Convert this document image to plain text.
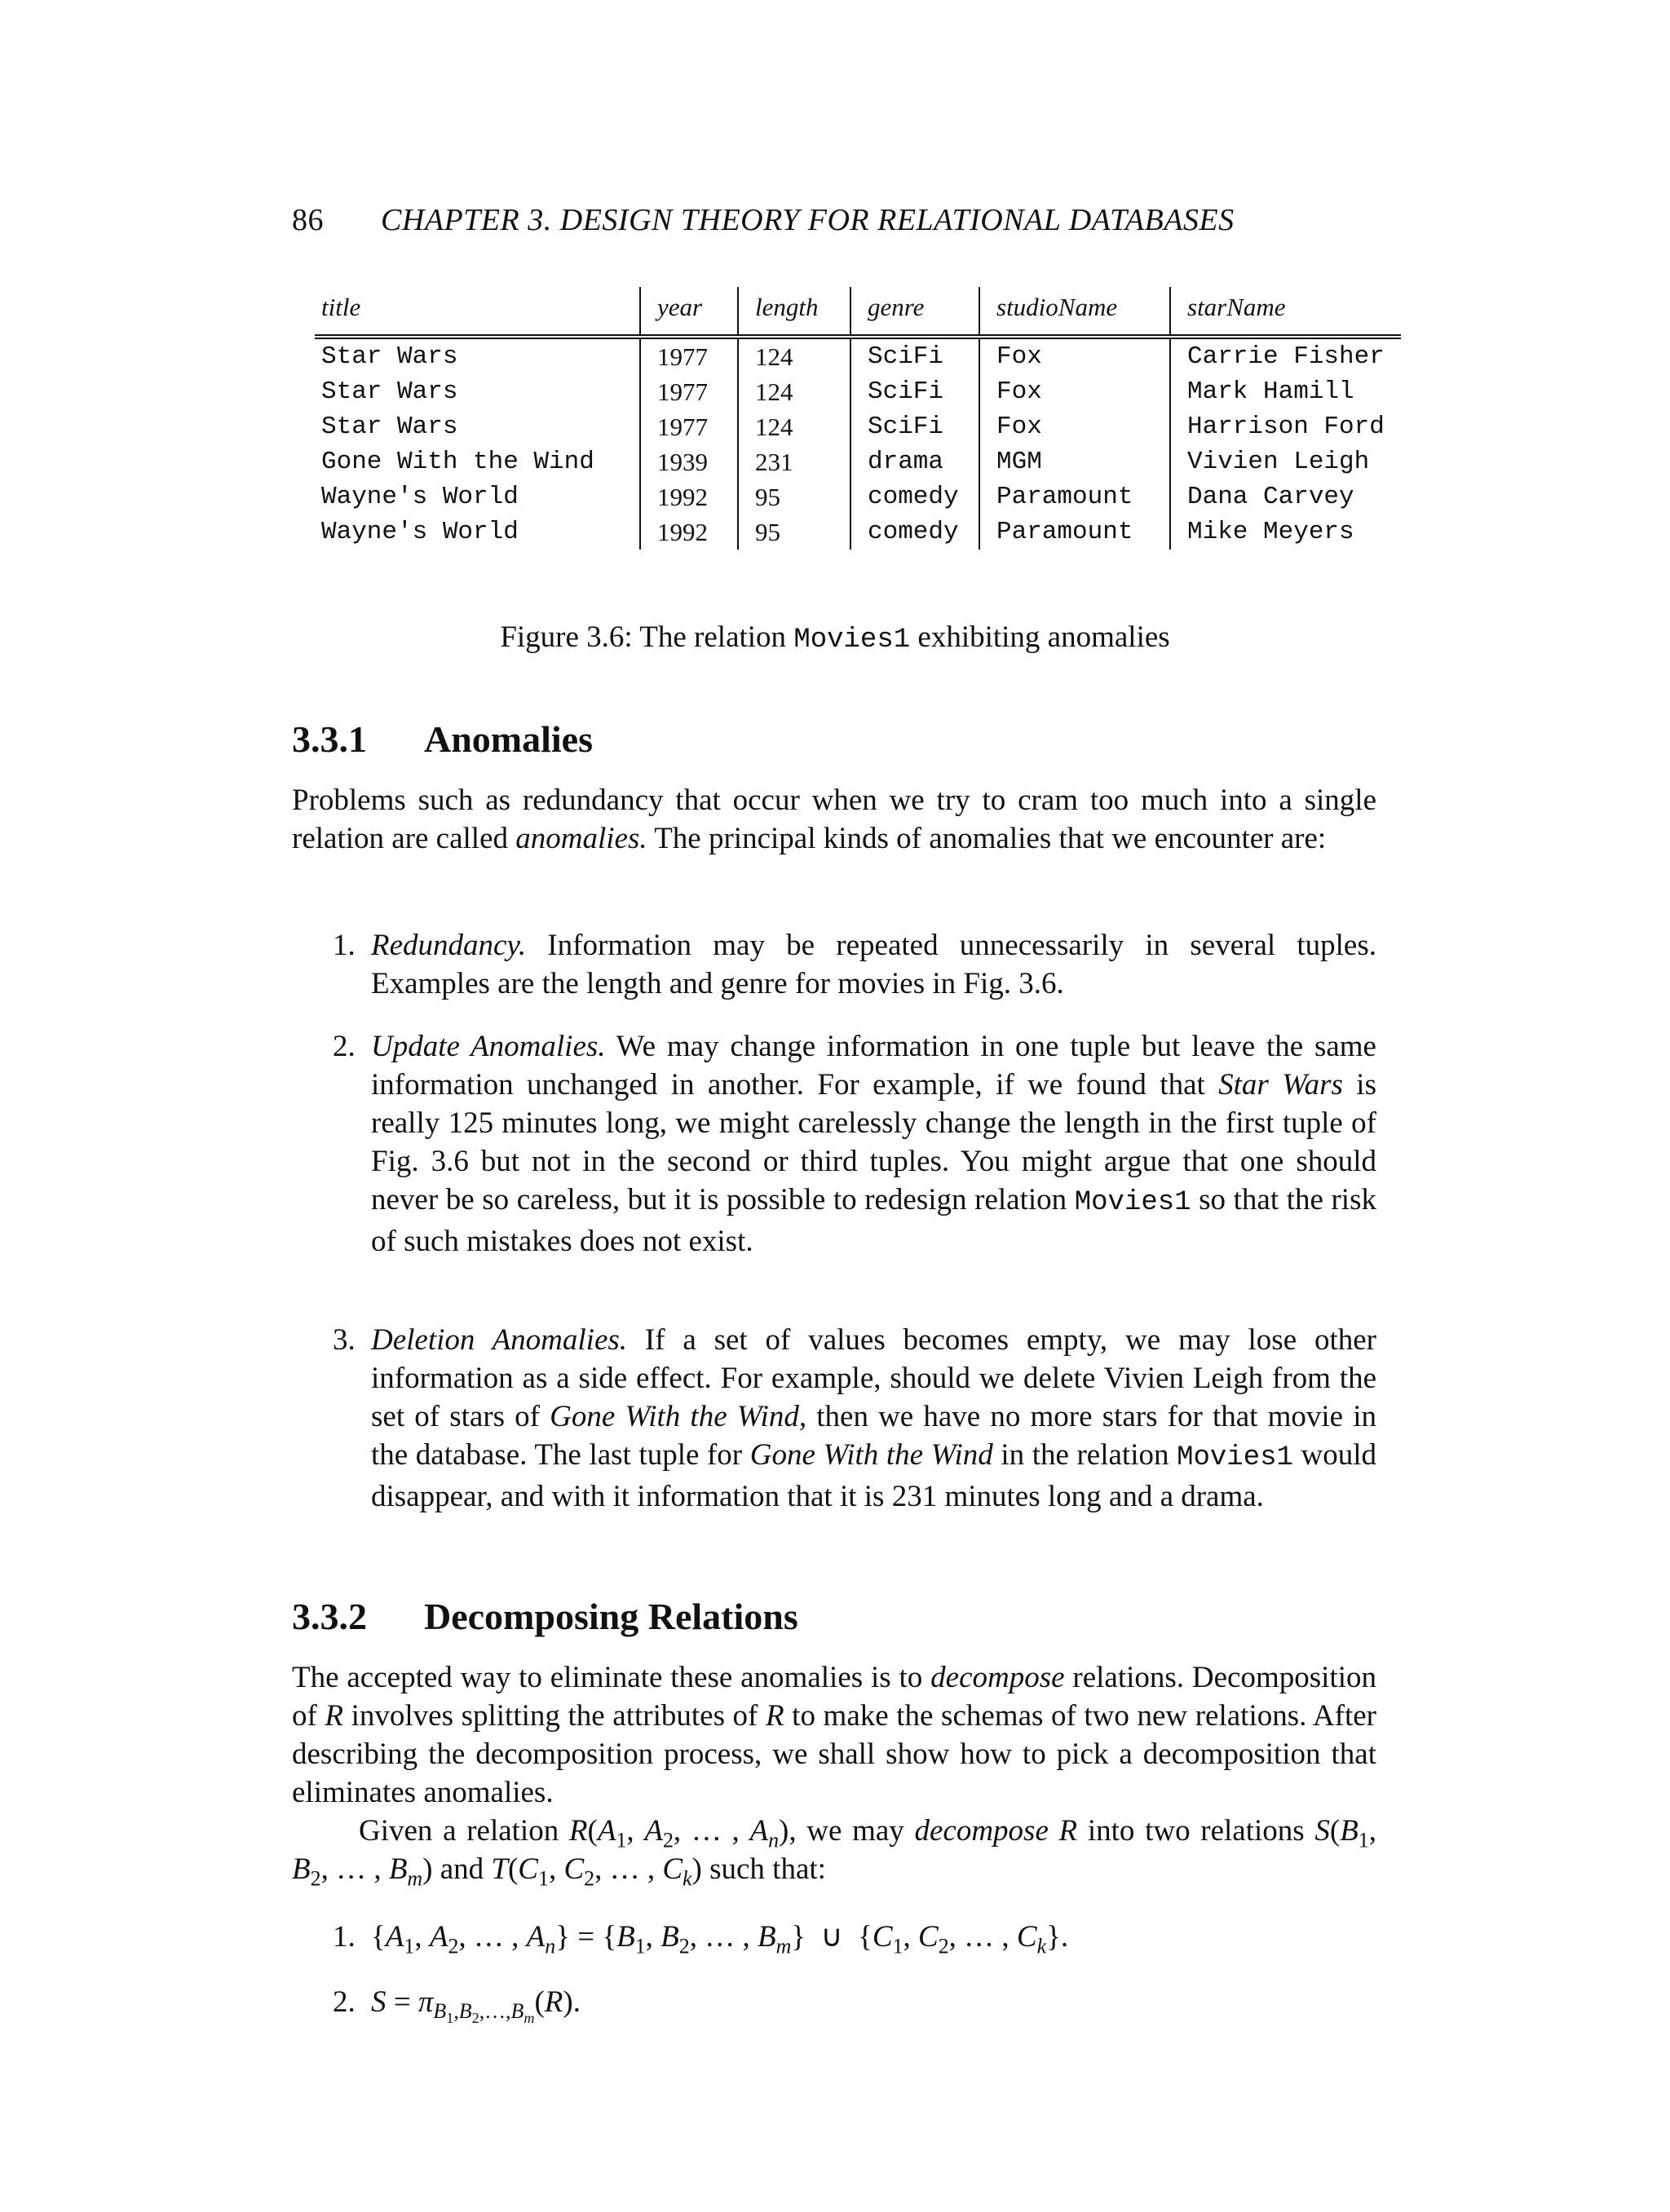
86 CHAPTER 3. DESIGN THEORY FOR RELATIONAL DATABASES
title	year	length	genre	studioName	starName
Star Wars	1977	124	SciFi	Fox	Carrie Fisher
Star Wars	1977	124	SciFi	Fox	Mark Hamill
Star Wars	1977	124	SciFi	Fox	Harrison Ford
Gone With the Wind	1939	231	drama	MGM	Vivien Leigh
Wayne's World	1992	95	comedy	Paramount	Dana Carvey
Wayne's World	1992	95	comedy	Paramount	Mike Meyers
Figure 3.6: The relation Movies1 exhibiting anomalies
3.3.1 Anomalies

Problems such as redundancy that occur when we try to cram too much into a single relation are called anomalies. The principal kinds of anomalies that we encounter are:

1. Redundancy. Information may be repeated unnecessarily in several tuples. Examples are the length and genre for movies in Fig. 3.6.
2. Update Anomalies. We may change information in one tuple but leave the same information unchanged in another. For example, if we found that Star Wars is really 125 minutes long, we might carelessly change the length in the first tuple of Fig. 3.6 but not in the second or third tuples. You might argue that one should never be so careless, but it is possible to redesign relation Movies1 so that the risk of such mistakes does not exist.
3. Deletion Anomalies. If a set of values becomes empty, we may lose other information as a side effect. For example, should we delete Vivien Leigh from the set of stars of Gone With the Wind, then we have no more stars for that movie in the database. The last tuple for Gone With the Wind in the relation Movies1 would disappear, and with it information that it is 231 minutes long and a drama.
3.3.2 Decomposing Relations

The accepted way to eliminate these anomalies is to decompose relations. Decomposition of R involves splitting the attributes of R to make the schemas of two new relations. After describing the decomposition process, we shall show how to pick a decomposition that eliminates anomalies.

Given a relation $R(A_1$, $A_2$, … , $A_n$), we may decompose R into two relations $S(B_1$, $B_2$, … , $B_m$) and $T(C_1$, $C_2$, … , $C_k$) such that:

1. {$A_1$, $A_2$, … , $A_n\} = \{B_1$, $B_2$, … , $B_m$}  ∪  {$C_1$, $C_2$, … , $C_k$}.
2. $S = \pi_{B_1,B_2,\dots,B_m}(R)$.
